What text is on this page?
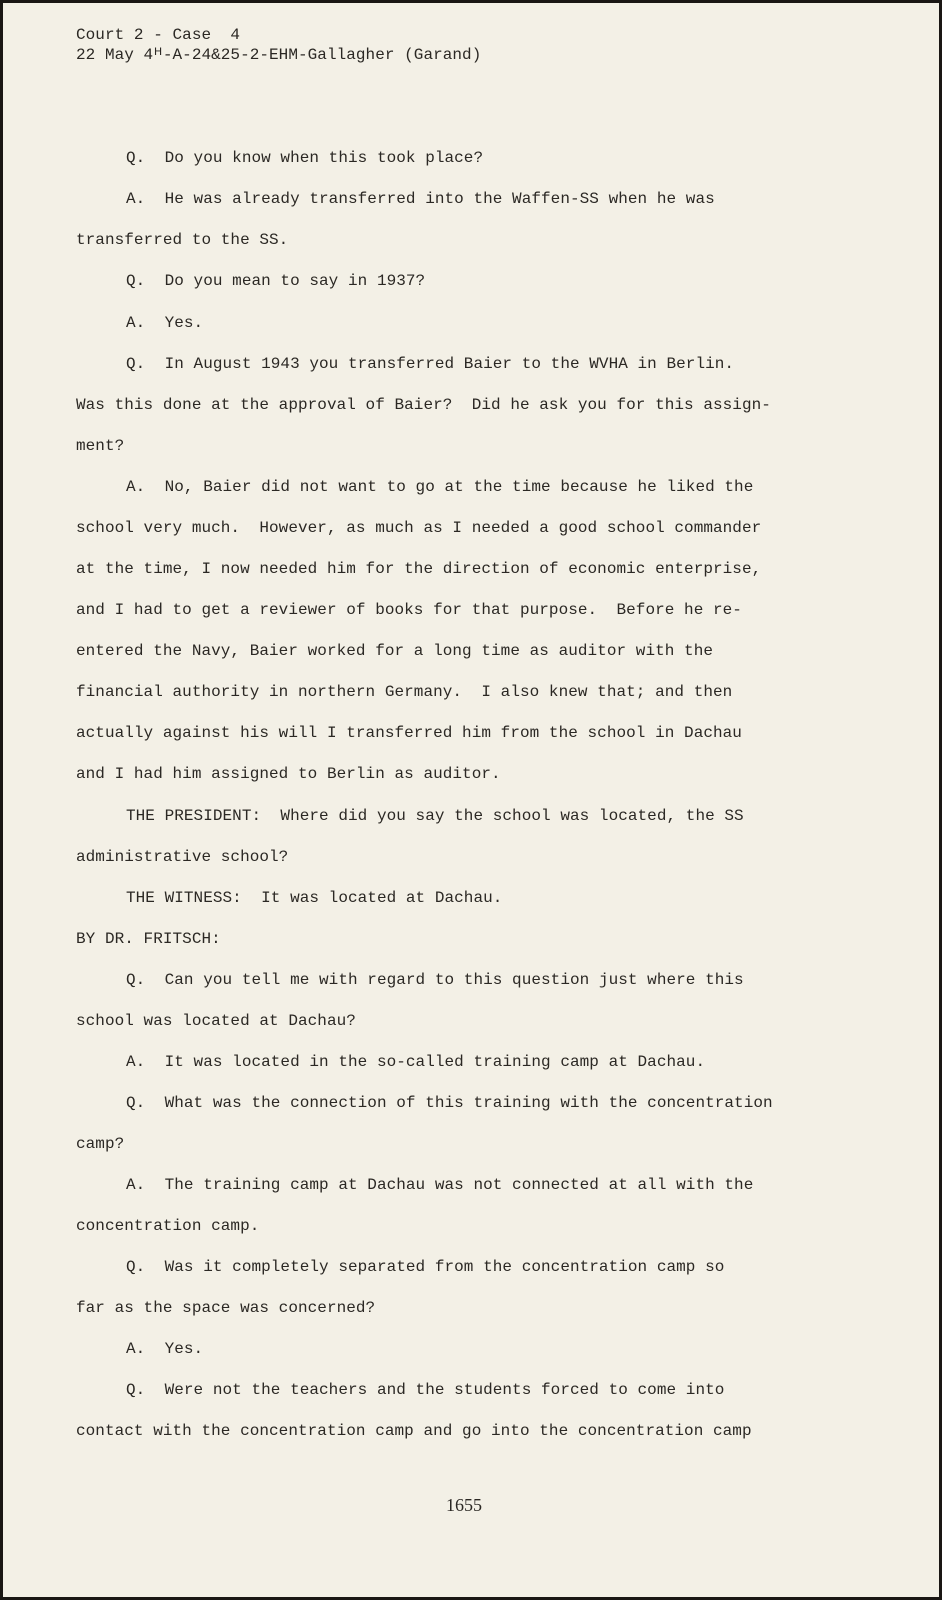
Court 2 - Case  4
22 May 4ᴴ-A-24&25-2-EHM-Gallagher (Garand)
Q.  Do you know when this took place?
A.  He was already transferred into the Waffen-SS when he was
transferred to the SS.
Q.  Do you mean to say in 1937?
A.  Yes.
Q.  In August 1943 you transferred Baier to the WVHA in Berlin.
Was this done at the approval of Baier?  Did he ask you for this assign-
ment?
A.  No, Baier did not want to go at the time because he liked the
school very much.  However, as much as I needed a good school commander
at the time, I now needed him for the direction of economic enterprise,
and I had to get a reviewer of books for that purpose.  Before he re-
entered the Navy, Baier worked for a long time as auditor with the
financial authority in northern Germany.  I also knew that; and then
actually against his will I transferred him from the school in Dachau
and I had him assigned to Berlin as auditor.
THE PRESIDENT:  Where did you say the school was located, the SS
administrative school?
THE WITNESS:  It was located at Dachau.
BY DR. FRITSCH:
Q.  Can you tell me with regard to this question just where this
school was located at Dachau?
A.  It was located in the so-called training camp at Dachau.
Q.  What was the connection of this training with the concentration
camp?
A.  The training camp at Dachau was not connected at all with the
concentration camp.
Q.  Was it completely separated from the concentration camp so
far as the space was concerned?
A.  Yes.
Q.  Were not the teachers and the students forced to come into
contact with the concentration camp and go into the concentration camp
1655
